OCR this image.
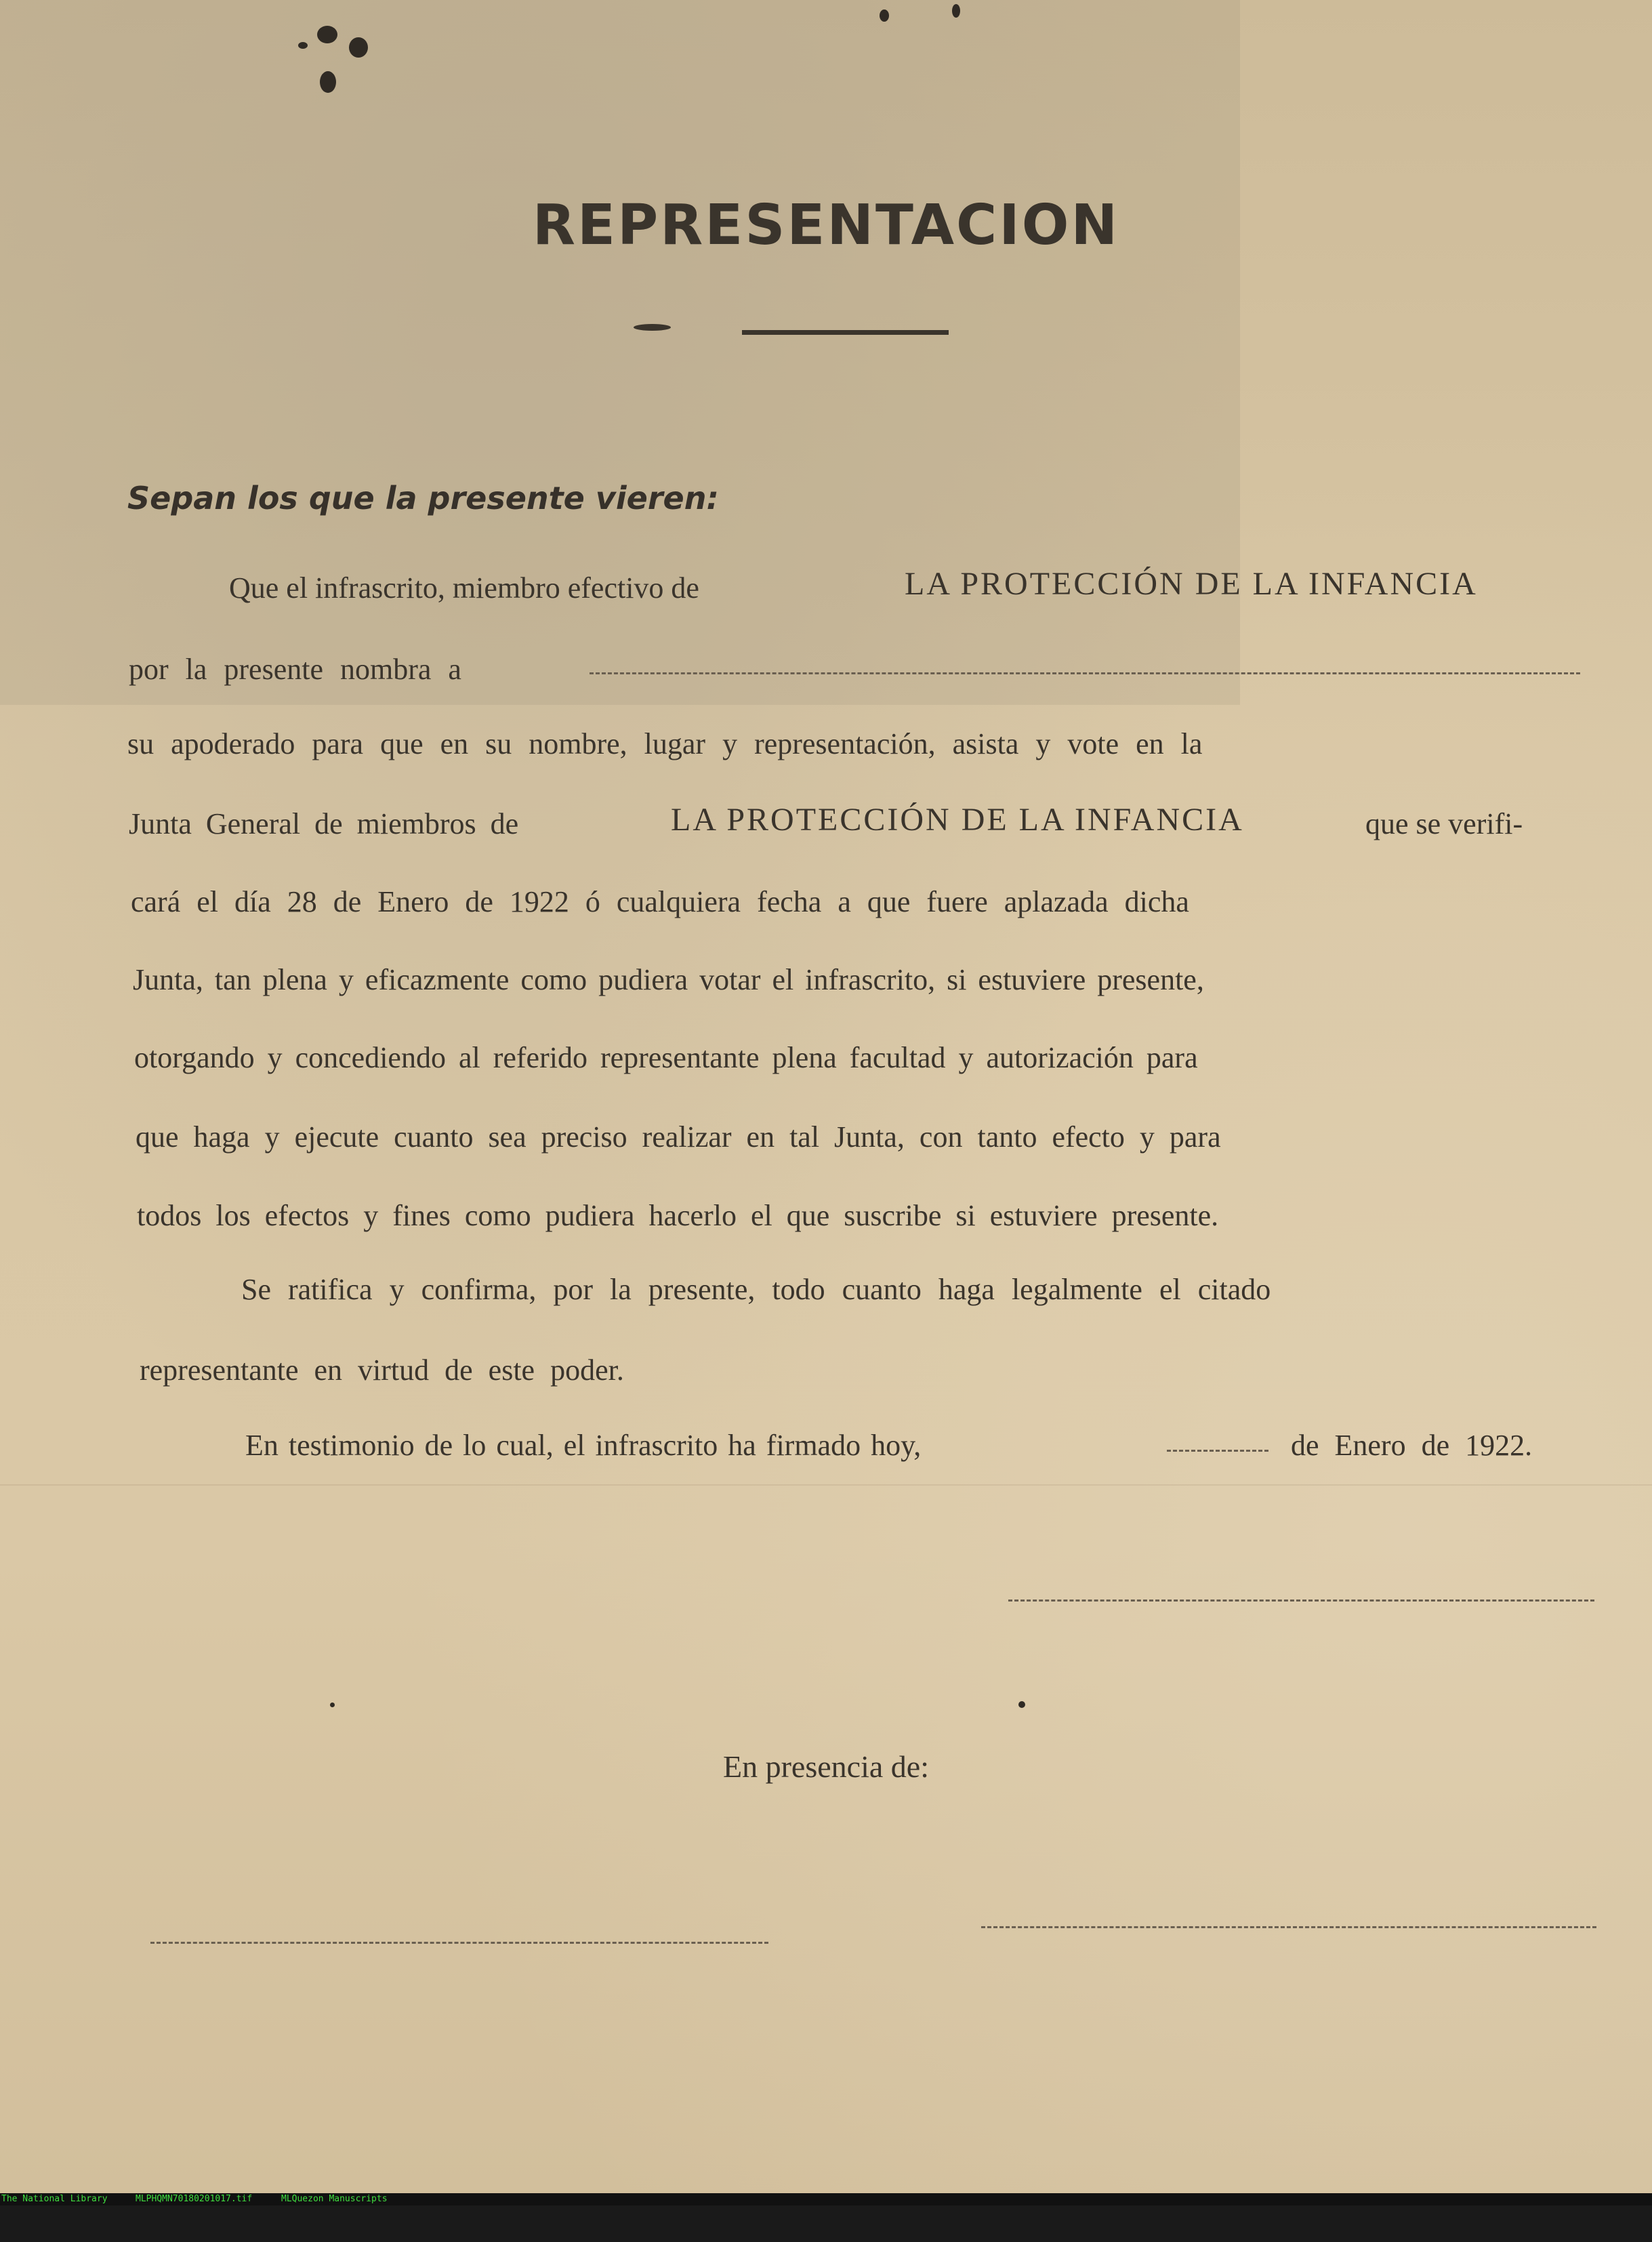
REPRESENTACION
Sepan los que la presente vieren:
Que el infrascrito, miembro efectivo de	LA PROTECCIÓN DE LA INFANCIA
por la presente nombra a
su apoderado para que en su nombre, lugar y representación, asista y vote en la
Junta General de miembros de	LA PROTECCIÓN DE LA INFANCIA	que se verifi-
cará el día 28 de Enero de 1922 ó cualquiera fecha a que fuere aplazada dicha
Junta, tan plena y eficazmente como pudiera votar el infrascrito, si estuviere presente,
otorgando y concediendo al referido representante plena facultad y autorización para
que haga y ejecute cuanto sea preciso realizar en tal Junta, con tanto efecto y para
todos los efectos y fines como pudiera hacerlo el que suscribe si estuviere presente.
Se ratifica y confirma, por la presente, todo cuanto haga legalmente el citado
representante en virtud de este poder.
En testimonio de lo cual, el infrascrito ha firmado hoy,	de Enero de 1922.
En presencia de:

The National Library

	MLPHQMN70180201017.tif

	MLQuezon Manuscripts
